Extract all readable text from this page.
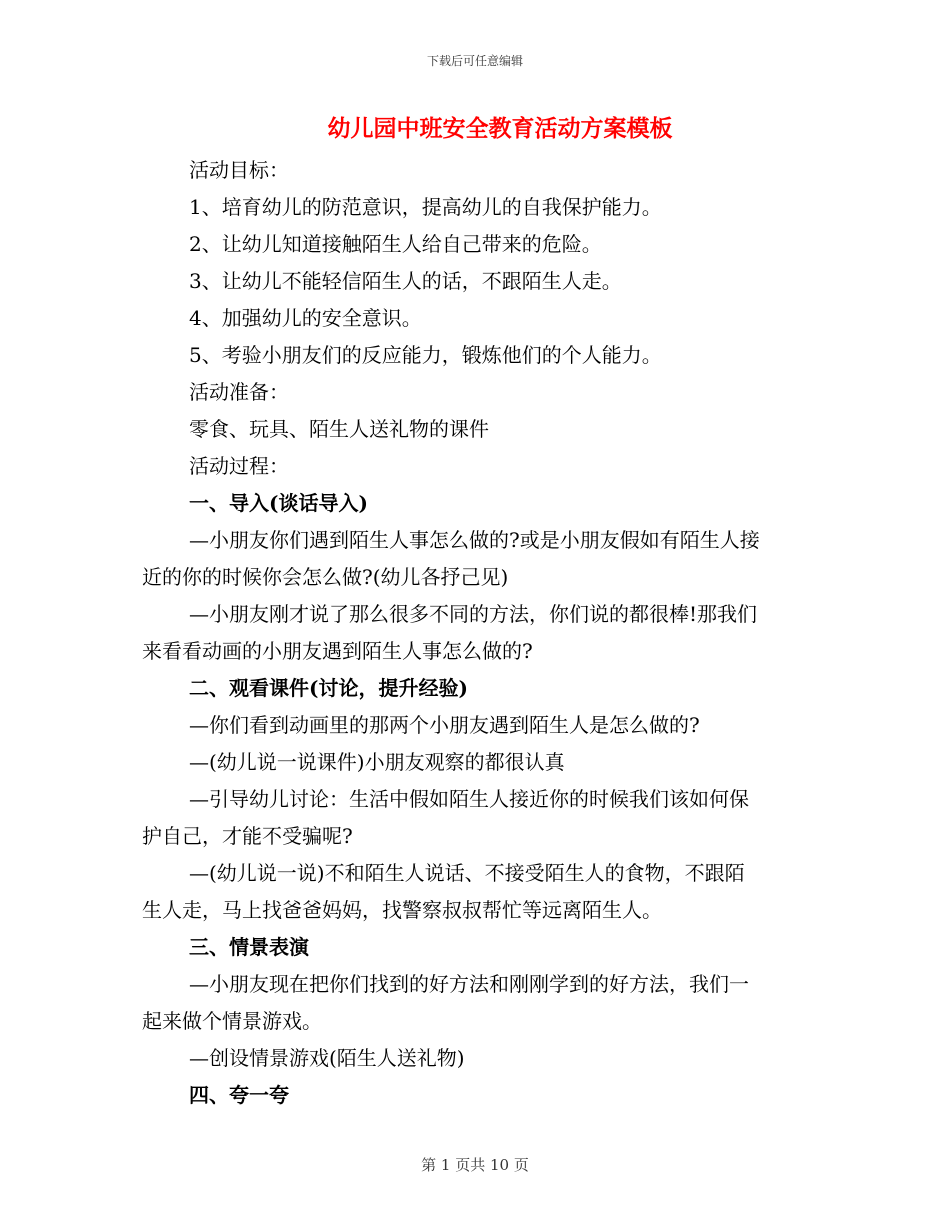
下载后可任意编辑
幼儿园中班安全教育活动方案模板
活动目标：
1、培育幼儿的防范意识，提高幼儿的自我保护能力。
2、让幼儿知道接触陌生人给自己带来的危险。
3、让幼儿不能轻信陌生人的话，不跟陌生人走。
4、加强幼儿的安全意识。
5、考验小朋友们的反应能力，锻炼他们的个人能力。
活动准备：
零食、玩具、陌生人送礼物的课件
活动过程：
一、导入(谈话导入)
—小朋友你们遇到陌生人事怎么做的?或是小朋友假如有陌生人接
近的你的时候你会怎么做?(幼儿各抒己见)
—小朋友刚才说了那么很多不同的方法，你们说的都很棒!那我们
来看看动画的小朋友遇到陌生人事怎么做的?
二、观看课件(讨论，提升经验)
—你们看到动画里的那两个小朋友遇到陌生人是怎么做的?
—(幼儿说一说课件)小朋友观察的都很认真
—引导幼儿讨论：生活中假如陌生人接近你的时候我们该如何保
护自己，才能不受骗呢?
—(幼儿说一说)不和陌生人说话、不接受陌生人的食物，不跟陌
生人走，马上找爸爸妈妈，找警察叔叔帮忙等远离陌生人。
三、情景表演
—小朋友现在把你们找到的好方法和刚刚学到的好方法，我们一
起来做个情景游戏。
—创设情景游戏(陌生人送礼物)
四、夸一夸
第 1 页共 10 页
